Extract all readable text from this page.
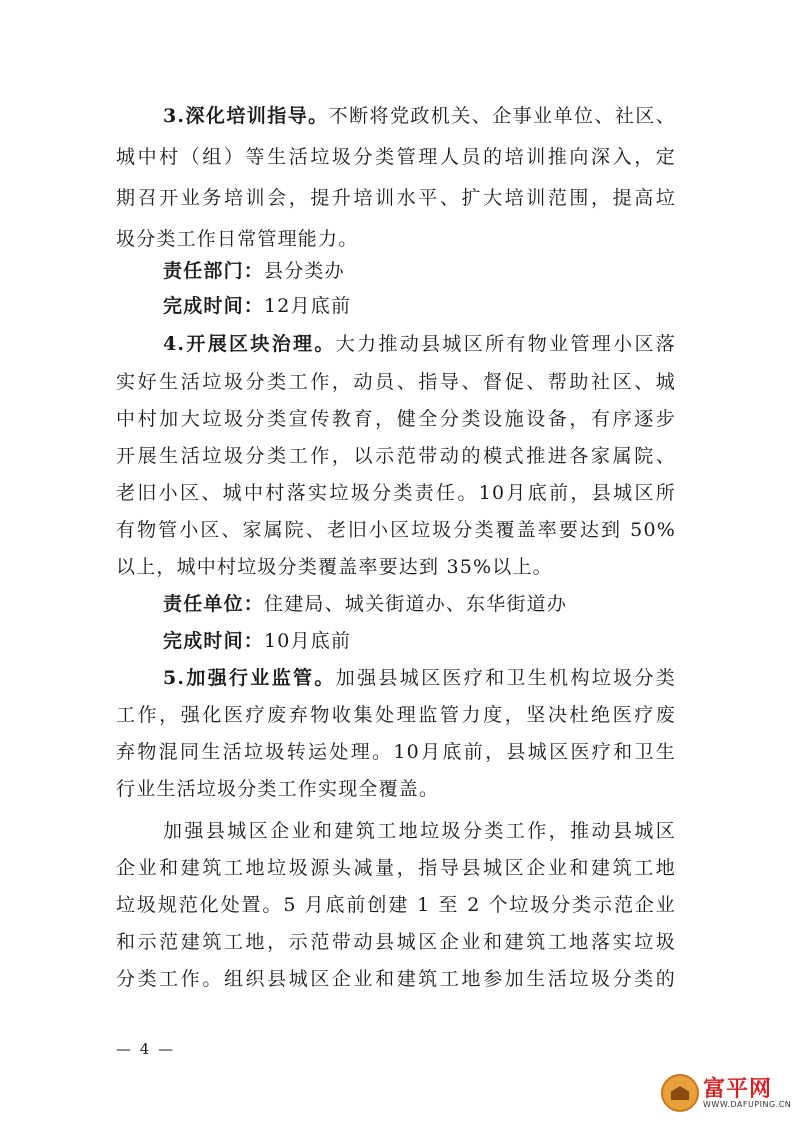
3.深化培训指导。不断将党政机关、企事业单位、社区、
城中村（组）等生活垃圾分类管理人员的培训推向深入，定
期召开业务培训会，提升培训水平、扩大培训范围，提高垃
圾分类工作日常管理能力。
责任部门：县分类办
完成时间：12月底前
4.开展区块治理。大力推动县城区所有物业管理小区落
实好生活垃圾分类工作，动员、指导、督促、帮助社区、城
中村加大垃圾分类宣传教育，健全分类设施设备，有序逐步
开展生活垃圾分类工作，以示范带动的模式推进各家属院、
老旧小区、城中村落实垃圾分类责任。10月底前，县城区所
有物管小区、家属院、老旧小区垃圾分类覆盖率要达到 50%
以上，城中村垃圾分类覆盖率要达到 35%以上。
责任单位：住建局、城关街道办、东华街道办
完成时间：10月底前
5.加强行业监管。加强县城区医疗和卫生机构垃圾分类
工作，强化医疗废弃物收集处理监管力度，坚决杜绝医疗废
弃物混同生活垃圾转运处理。10月底前，县城区医疗和卫生
行业生活垃圾分类工作实现全覆盖。
加强县城区企业和建筑工地垃圾分类工作，推动县城区
企业和建筑工地垃圾源头减量，指导县城区企业和建筑工地
垃圾规范化处置。5 月底前创建 1 至 2 个垃圾分类示范企业
和示范建筑工地，示范带动县城区企业和建筑工地落实垃圾
分类工作。组织县城区企业和建筑工地参加生活垃圾分类的
— 4 —
富平网
WWW.DAFUPING.CN
